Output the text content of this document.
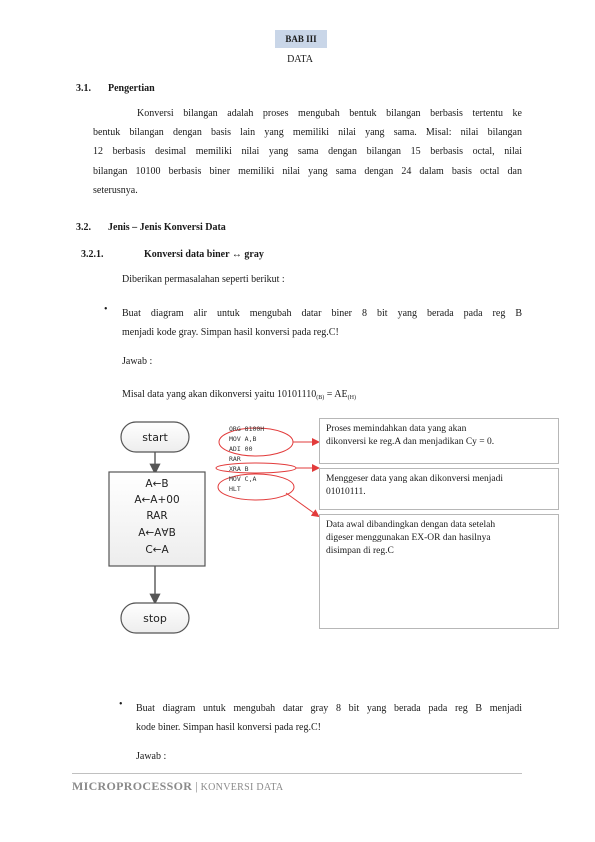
BAB III
DATA
3.1. Pengertian
Konversi bilangan adalah proses mengubah bentuk bilangan berbasis tertentu ke
bentuk bilangan dengan basis lain yang memiliki nilai yang sama. Misal: nilai bilangan
12 berbasis desimal memiliki nilai yang sama dengan bilangan 15 berbasis octal, nilai
bilangan 10100 berbasis biner memiliki nilai yang sama dengan 24 dalam basis octal dan
seterusnya.
3.2. Jenis – Jenis Konversi Data
3.2.1.	Konversi data biner ↔ gray
Diberikan permasalahan seperti berikut :
• Buat diagram alir untuk mengubah datar biner 8 bit yang berada pada reg B
menjadi kode gray. Simpan hasil konversi pada reg.C!
Jawab :
Misal data yang akan dikonversi yaitu $10101110_{(B)} = AE_{(H)}$
start
A←B
A←A+00
RAR
A←A∀B
C←A
stop
ORG 8100H
MOV A,B
ADI 00
RAR
XRA B
MOV C,A
HLT
Proses memindahkan data yang akan
dikonversi ke reg.A dan menjadikan Cy = 0.
Menggeser data yang akan dikonversi menjadi
01010111.
Data awal dibandingkan dengan data setelah
digeser menggunakan EX-OR dan hasilnya
disimpan di reg.C
• Buat diagram untuk mengubah datar gray 8 bit yang berada pada reg B menjadi
kode biner. Simpan hasil konversi pada reg.C!
Jawab :
MICROPROCESSOR | KONVERSI DATA
